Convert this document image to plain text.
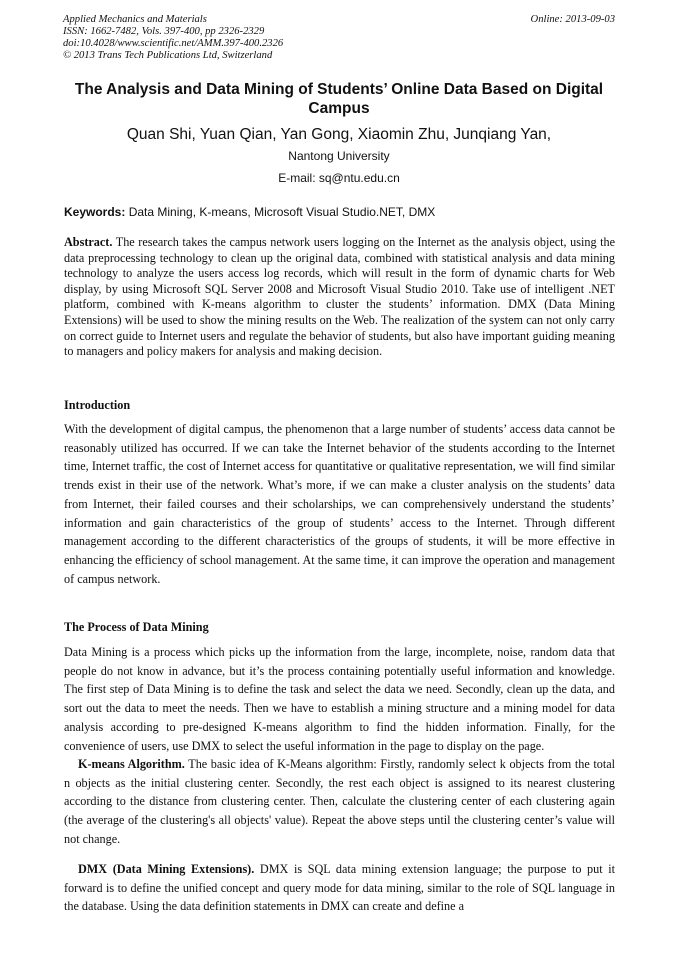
Applied Mechanics and Materials
ISSN: 1662-7482, Vols. 397-400, pp 2326-2329
doi:10.4028/www.scientific.net/AMM.397-400.2326
© 2013 Trans Tech Publications Ltd, Switzerland
Online: 2013-09-03
The Analysis and Data Mining of Students’ Online Data Based on Digital Campus
Quan Shi, Yuan Qian, Yan Gong, Xiaomin Zhu, Junqiang Yan,
Nantong University
E-mail: sq@ntu.edu.cn
Keywords: Data Mining, K-means, Microsoft Visual Studio.NET, DMX
Abstract. The research takes the campus network users logging on the Internet as the analysis object, using the data preprocessing technology to clean up the original data, combined with statistical analysis and data mining technology to analyze the users access log records, which will result in the form of dynamic charts for Web display, by using Microsoft SQL Server 2008 and Microsoft Visual Studio 2010. Take use of intelligent .NET platform, combined with K-means algorithm to cluster the students’ information. DMX (Data Mining Extensions) will be used to show the mining results on the Web. The realization of the system can not only carry on correct guide to Internet users and regulate the behavior of students, but also have important guiding meaning to managers and policy makers for analysis and making decision.
Introduction
With the development of digital campus, the phenomenon that a large number of students’ access data cannot be reasonably utilized has occurred. If we can take the Internet behavior of the students according to the Internet time, Internet traffic, the cost of Internet access for quantitative or qualitative representation, we will find similar trends exist in their use of the network. What’s more, if we can make a cluster analysis on the students’ data from Internet, their failed courses and their scholarships, we can comprehensively understand the students’ information and gain characteristics of the group of students’ access to the Internet. Through different management according to the different characteristics of the groups of students, it will be more effective in enhancing the efficiency of school management. At the same time, it can improve the operation and management of campus network.
The Process of Data Mining
Data Mining is a process which picks up the information from the large, incomplete, noise, random data that people do not know in advance, but it’s the process containing potentially useful information and knowledge. The first step of Data Mining is to define the task and select the data we need. Secondly, clean up the data, and sort out the data to meet the needs. Then we have to establish a mining structure and a mining model for data analysis according to pre-designed K-means algorithm to find the hidden information. Finally, for the convenience of users, use DMX to select the useful information in the page to display on the page.
K-means Algorithm. The basic idea of K-Means algorithm: Firstly, randomly select k objects from the total n objects as the initial clustering center. Secondly, the rest each object is assigned to its nearest clustering according to the distance from clustering center. Then, calculate the clustering center of each clustering again (the average of the clustering's all objects' value). Repeat the above steps until the clustering center’s value will not change.
DMX (Data Mining Extensions). DMX is SQL data mining extension language; the purpose to put it forward is to define the unified concept and query mode for data mining, similar to the role of SQL language in the database. Using the data definition statements in DMX can create and define a
